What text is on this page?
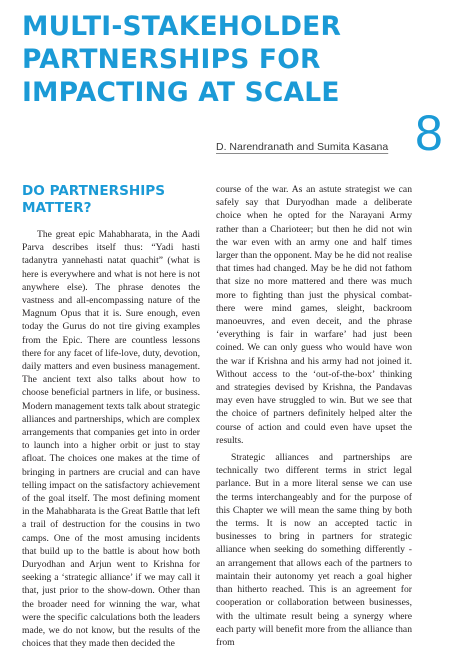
MULTI-STAKEHOLDER
PARTNERSHIPS FOR
IMPACTING AT SCALE
8
D. Narendranath and Sumita Kasana
DO PARTNERSHIPS MATTER?

The great epic Mahabharata, in the Aadi Parva describes itself thus: “Yadi hasti tadanytra yannehasti natat quachit” (what is here is everywhere and what is not here is not anywhere else). The phrase denotes the vastness and all-encompassing nature of the Magnum Opus that it is. Sure enough, even today the Gurus do not tire giving examples from the Epic. There are countless lessons there for any facet of life-love, duty, devotion, daily matters and even business management. The ancient text also talks about how to choose beneficial partners in life, or business. Modern management texts talk about strategic alliances and partnerships, which are complex arrangements that companies get into in order to launch into a higher orbit or just to stay afloat. The choices one makes at the time of bringing in partners are crucial and can have telling impact on the satisfactory achievement of the goal itself. The most defining moment in the Mahabharata is the Great Battle that left a trail of destruction for the cousins in two camps. One of the most amusing incidents that build up to the battle is about how both Duryodhan and Arjun went to Krishna for seeking a ‘strategic alliance’ if we may call it that, just prior to the show-down. Other than the broader need for winning the war, what were the specific calculations both the leaders made, we do not know, but the results of the choices that they made then decided the

course of the war. As an astute strategist we can safely say that Duryodhan made a deliberate choice when he opted for the Narayani Army rather than a Charioteer; but then he did not win the war even with an army one and half times larger than the opponent. May be he did not realise that times had changed. May be he did not fathom that size no more mattered and there was much more to fighting than just the physical combat-there were mind games, sleight, backroom manoeuvres, and even deceit, and the phrase ‘everything is fair in warfare’ had just been coined. We can only guess who would have won the war if Krishna and his army had not joined it. Without access to the ‘out-of-the-box’ thinking and strategies devised by Krishna, the Pandavas may even have struggled to win. But we see that the choice of partners definitely helped alter the course of action and could even have upset the results.

Strategic alliances and partnerships are technically two different terms in strict legal parlance. But in a more literal sense we can use the terms interchangeably and for the purpose of this Chapter we will mean the same thing by both the terms. It is now an accepted tactic in businesses to bring in partners for strategic alliance when seeking do something differently -an arrangement that allows each of the partners to maintain their autonomy yet reach a goal higher than hitherto reached. This is an agreement for cooperation or collaboration between businesses, with the ultimate result being a synergy where each party will benefit more from the alliance than from
